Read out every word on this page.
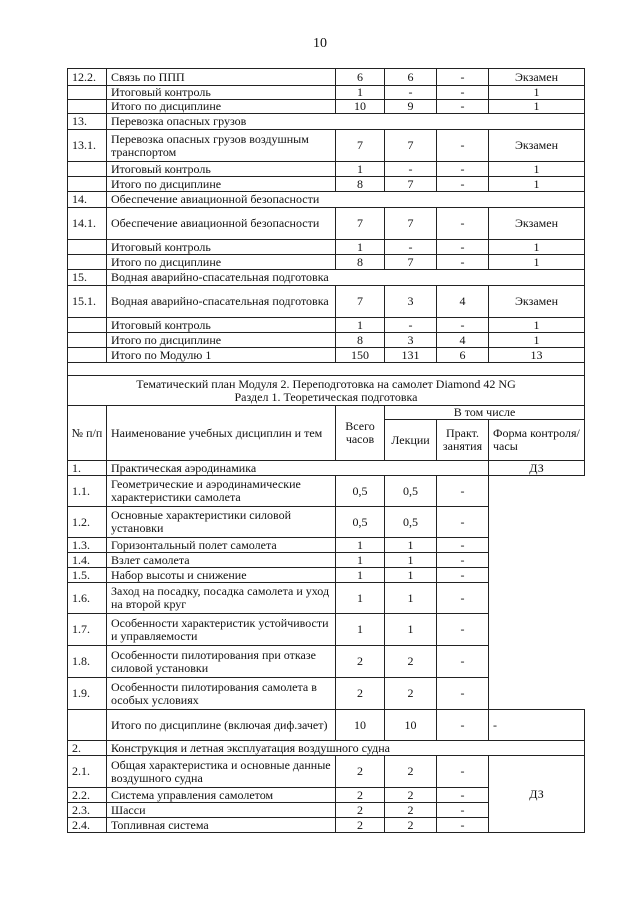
10
12.2.	Связь по ППП	6	6	-	Экзамен
	Итоговый контроль	1	-	-	1
	Итого по дисциплине	10	9	-	1
13.	Перевозка опасных грузов				
13.1.	Перевозка опасных грузов воздушным транспортом	7	7	-	Экзамен
	Итоговый контроль	1	-	-	1
	Итого по дисциплине	8	7	-	1
14.	Обеспечение авиационной безопасности				
14.1.	Обеспечение авиационной безопасности	7	7	-	Экзамен
	Итоговый контроль	1	-	-	1
	Итого по дисциплине	8	7	-	1
15.	Водная аварийно-спасательная подготовка				
15.1.	Водная аварийно-спасательная подготовка	7	3	4	Экзамен
	Итоговый контроль	1	-	-	1
	Итого по дисциплине	8	3	4	1
	Итого по Модулю 1	150	131	6	13

Тематический план Модуля 2. Переподготовка на самолет Diamond 42 NG
Раздел 1. Теоретическая подготовка					

№ п/п	Наименование учебных дисциплин и тем	Всего часов	В том числе		
			Лекции	Практ. занятия	Форма контроля/ часы
1.	Практическая аэродинамика				ДЗ
1.1.	Геометрические и аэродинамические характеристики самолета	0,5	0,5	-	
1.2.	Основные характеристики силовой установки	0,5	0,5	-	
1.3.	Горизонтальный полет самолета	1	1	-	
1.4.	Взлет самолета	1	1	-	
1.5.	Набор высоты и снижение	1	1	-	
1.6.	Заход на посадку, посадка самолета и уход на второй круг	1	1	-	
1.7.	Особенности характеристик устойчивости и управляемости	1	1	-	
1.8.	Особенности пилотирования при отказе силовой установки	2	2	-	
1.9.	Особенности пилотирования самолета в особых условиях	2	2	-	
	Итого по дисциплине (включая диф.зачет)	10	10	-	-
2.	Конструкция и летная эксплуатация воздушного судна				
2.1.	Общая характеристика и основные данные воздушного судна	2	2	-	ДЗ
2.2.	Система управления самолетом	2	2	-	
2.3.	Шасси	2	2	-	
2.4.	Топливная система	2	2	-	
